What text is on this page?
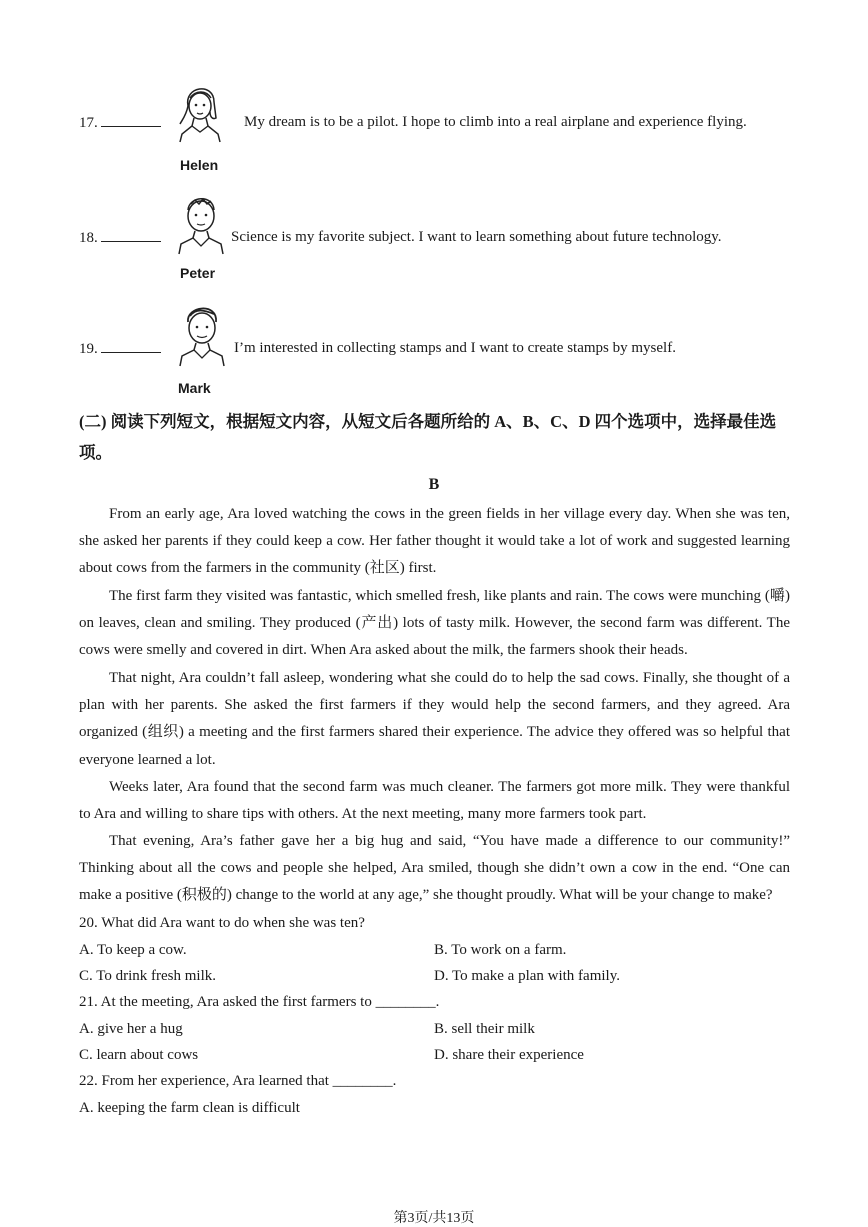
17.
Helen
My dream is to be a pilot. I hope to climb into a real airplane and experience flying.
18.
Peter
Science is my favorite subject. I want to learn something about future technology.
19.
Mark
I’m interested in collecting stamps and I want to create stamps by myself.
(二) 阅读下列短文，根据短文内容，从短文后各题所给的 A、B、C、D 四个选项中，选择最佳选项。
B
From an early age, Ara loved watching the cows in the green fields in her village every day. When she was ten, she asked her parents if they could keep a cow. Her father thought it would take a lot of work and suggested learning about cows from the farmers in the community (社区) first.
The first farm they visited was fantastic, which smelled fresh, like plants and rain. The cows were munching (嚼) on leaves, clean and smiling. They produced (产出) lots of tasty milk. However, the second farm was different. The cows were smelly and covered in dirt. When Ara asked about the milk, the farmers shook their heads.
That night, Ara couldn’t fall asleep, wondering what she could do to help the sad cows. Finally, she thought of a plan with her parents. She asked the first farmers if they would help the second farmers, and they agreed. Ara organized (组织) a meeting and the first farmers shared their experience. The advice they offered was so helpful that everyone learned a lot.
Weeks later, Ara found that the second farm was much cleaner. The farmers got more milk. They were thankful to Ara and willing to share tips with others. At the next meeting, many more farmers took part.
That evening, Ara’s father gave her a big hug and said, “You have made a difference to our community!” Thinking about all the cows and people she helped, Ara smiled, though she didn’t own a cow in the end. “One can make a positive (积极的) change to the world at any age,” she thought proudly. What will be your change to make?
20. What did Ara want to do when she was ten?
A. To keep a cow.	B. To work on a farm.
C. To drink fresh milk.	D. To make a plan with family.
21. At the meeting, Ara asked the first farmers to ________.
A. give her a hug	B. sell their milk
C. learn about cows	D. share their experience
22. From her experience, Ara learned that ________.
A. keeping the farm clean is difficult
第3页/共13页
